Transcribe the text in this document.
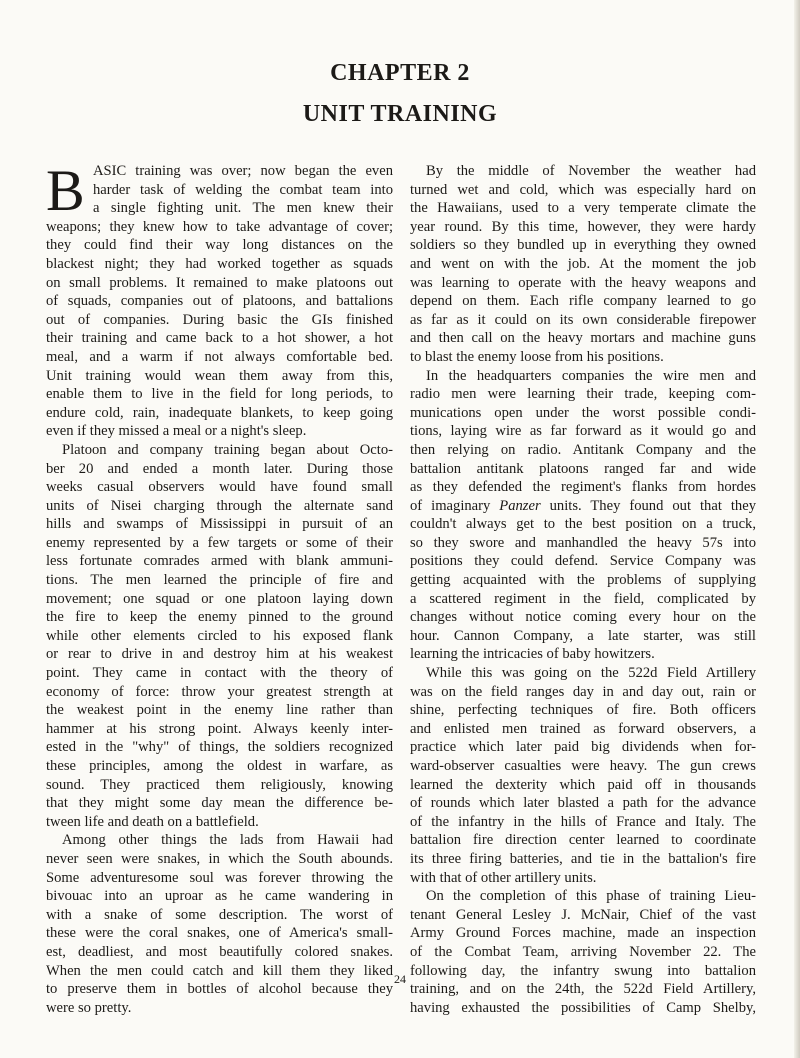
CHAPTER 2
UNIT TRAINING
B ASIC training was over; now began the even
harder task of welding the combat team into
a single fighting unit. The men knew their
weapons; they knew how to take advantage of cover;
they could find their way long distances on the
blackest night; they had worked together as squads
on small problems. It remained to make platoons out
of squads, companies out of platoons, and battalions
out of companies. During basic the GIs finished
their training and came back to a hot shower, a hot
meal, and a warm if not always comfortable bed.
Unit training would wean them away from this,
enable them to live in the field for long periods, to
endure cold, rain, inadequate blankets, to keep going
even if they missed a meal or a night's sleep.
Platoon and company training began about Octo-
ber 20 and ended a month later. During those
weeks casual observers would have found small
units of Nisei charging through the alternate sand
hills and swamps of Mississippi in pursuit of an
enemy represented by a few targets or some of their
less fortunate comrades armed with blank ammuni-
tions. The men learned the principle of fire and
movement; one squad or one platoon laying down
the fire to keep the enemy pinned to the ground
while other elements circled to his exposed flank
or rear to drive in and destroy him at his weakest
point. They came in contact with the theory of
economy of force: throw your greatest strength at
the weakest point in the enemy line rather than
hammer at his strong point. Always keenly inter-
ested in the "why" of things, the soldiers recognized
these principles, among the oldest in warfare, as
sound. They practiced them religiously, knowing
that they might some day mean the difference be-
tween life and death on a battlefield.
Among other things the lads from Hawaii had
never seen were snakes, in which the South abounds.
Some adventuresome soul was forever throwing the
bivouac into an uproar as he came wandering in
with a snake of some description. The worst of
these were the coral snakes, one of America's small-
est, deadliest, and most beautifully colored snakes.
When the men could catch and kill them they liked
to preserve them in bottles of alcohol because they
were so pretty.
By the middle of November the weather had
turned wet and cold, which was especially hard on
the Hawaiians, used to a very temperate climate the
year round. By this time, however, they were hardy
soldiers so they bundled up in everything they owned
and went on with the job. At the moment the job
was learning to operate with the heavy weapons and
depend on them. Each rifle company learned to go
as far as it could on its own considerable firepower
and then call on the heavy mortars and machine guns
to blast the enemy loose from his positions.
In the headquarters companies the wire men and
radio men were learning their trade, keeping com-
munications open under the worst possible condi-
tions, laying wire as far forward as it would go and
then relying on radio. Antitank Company and the
battalion antitank platoons ranged far and wide
as they defended the regiment's flanks from hordes
of imaginary Panzer units. They found out that they
couldn't always get to the best position on a truck,
so they swore and manhandled the heavy 57s into
positions they could defend. Service Company was
getting acquainted with the problems of supplying
a scattered regiment in the field, complicated by
changes without notice coming every hour on the
hour. Cannon Company, a late starter, was still
learning the intricacies of baby howitzers.
While this was going on the 522d Field Artillery
was on the field ranges day in and day out, rain or
shine, perfecting techniques of fire. Both officers
and enlisted men trained as forward observers, a
practice which later paid big dividends when for-
ward-observer casualties were heavy. The gun crews
learned the dexterity which paid off in thousands
of rounds which later blasted a path for the advance
of the infantry in the hills of France and Italy. The
battalion fire direction center learned to coordinate
its three firing batteries, and tie in the battalion's fire
with that of other artillery units.
On the completion of this phase of training Lieu-
tenant General Lesley J. McNair, Chief of the vast
Army Ground Forces machine, made an inspection
of the Combat Team, arriving November 22. The
following day, the infantry swung into battalion
training, and on the 24th, the 522d Field Artillery,
having exhausted the possibilities of Camp Shelby,
24
